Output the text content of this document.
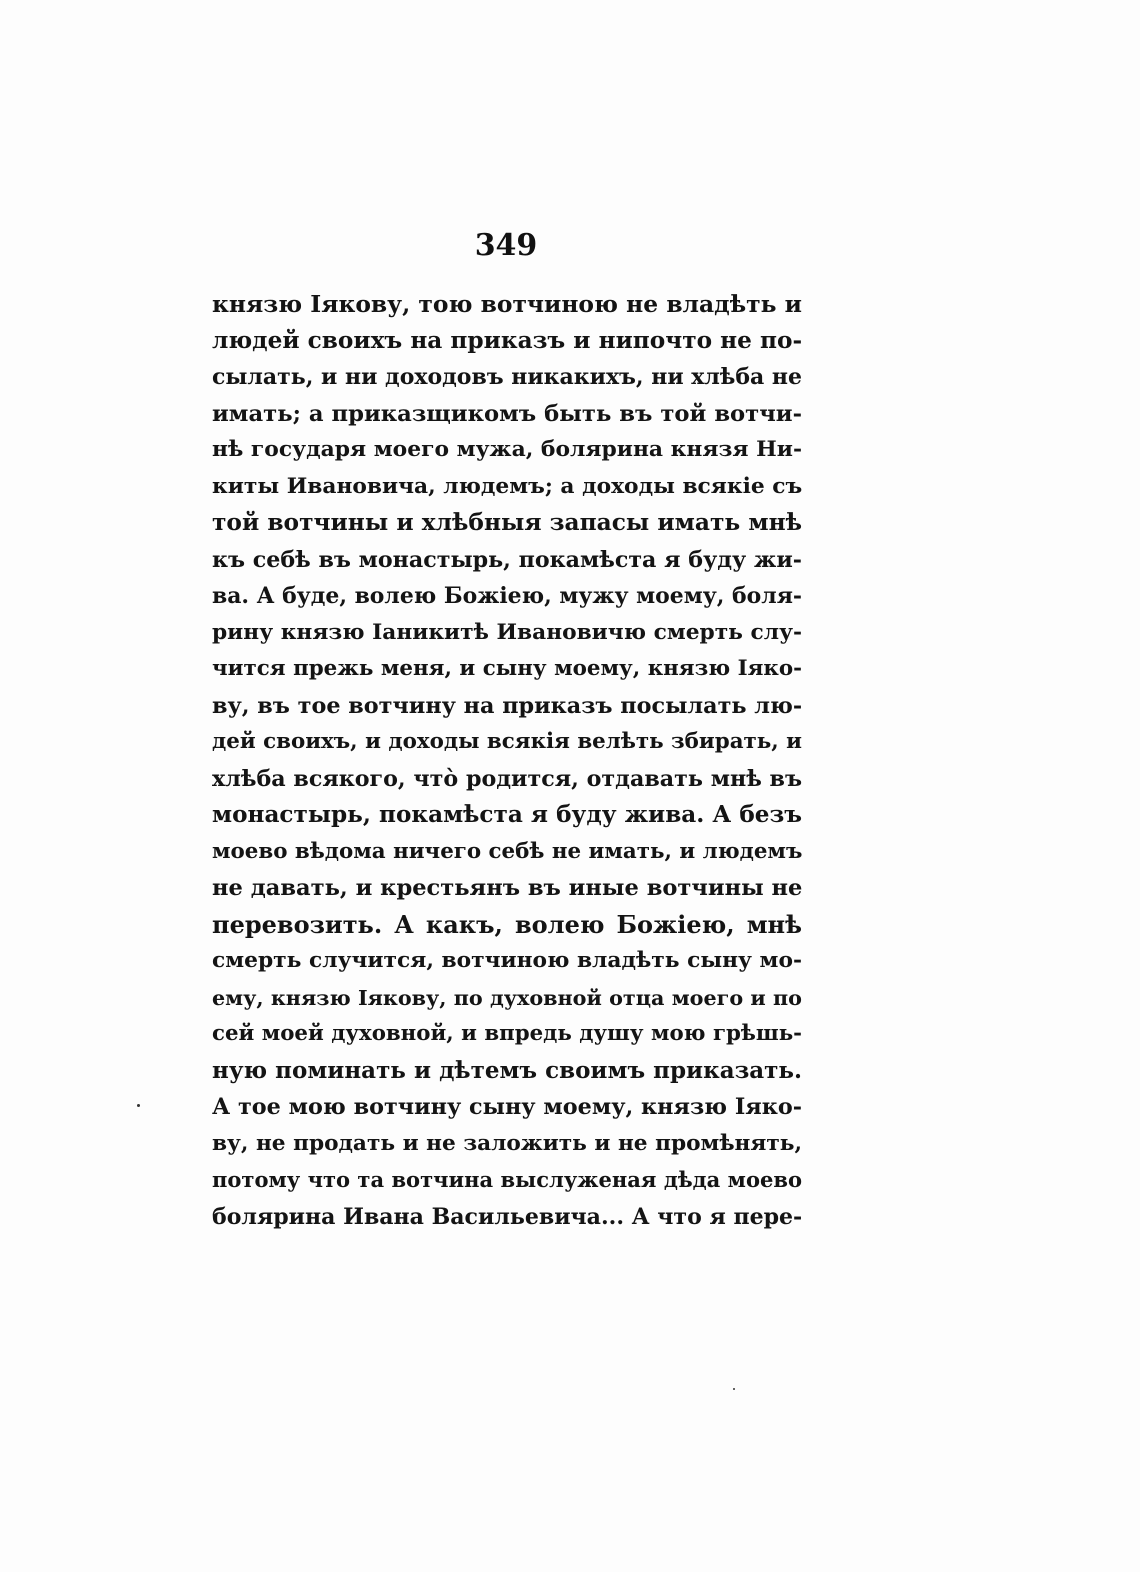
349
князю Іякову, тою вотчиною не владѣть и
людей своихъ на приказъ и нипочто не по-
сылать, и ни доходовъ никакихъ, ни хлѣба не
имать; а приказщикомъ быть въ той вотчи-
нѣ государя моего мужа, болярина князя Ни-
киты Ивановича, людемъ; а доходы всякіе съ
той вотчины и хлѣбныя запасы имать мнѣ
къ себѣ въ монастырь, покамѣста я буду жи-
ва. А буде, волею Божіею, мужу моему, боля-
рину князю Іаникитѣ Ивановичю смерть слу-
чится прежь меня, и сыну моему, князю Іяко-
ву, въ тое вотчину на приказъ посылать лю-
дей своихъ, и доходы всякія велѣть збирать, и
хлѣба всякого, что̀ родится, отдавать мнѣ въ
монастырь, покамѣста я буду жива. А безъ
моево вѣдома ничего себѣ не имать, и людемъ
не давать, и крестьянъ въ иные вотчины не
перевозить. А какъ, волею Божіею, мнѣ
смерть случится, вотчиною владѣть сыну мо-
ему, князю Іякову, по духовной отца моего и по
сей моей духовной, и впредь душу мою грѣшь-
ную поминать и дѣтемъ своимъ приказать.
А тое мою вотчину сыну моему, князю Іяко-
ву, не продать и не заложить и не промѣнять,
потому что та вотчина выслуженая дѣда моево
болярина Ивана Васильевича... А что я пере-
